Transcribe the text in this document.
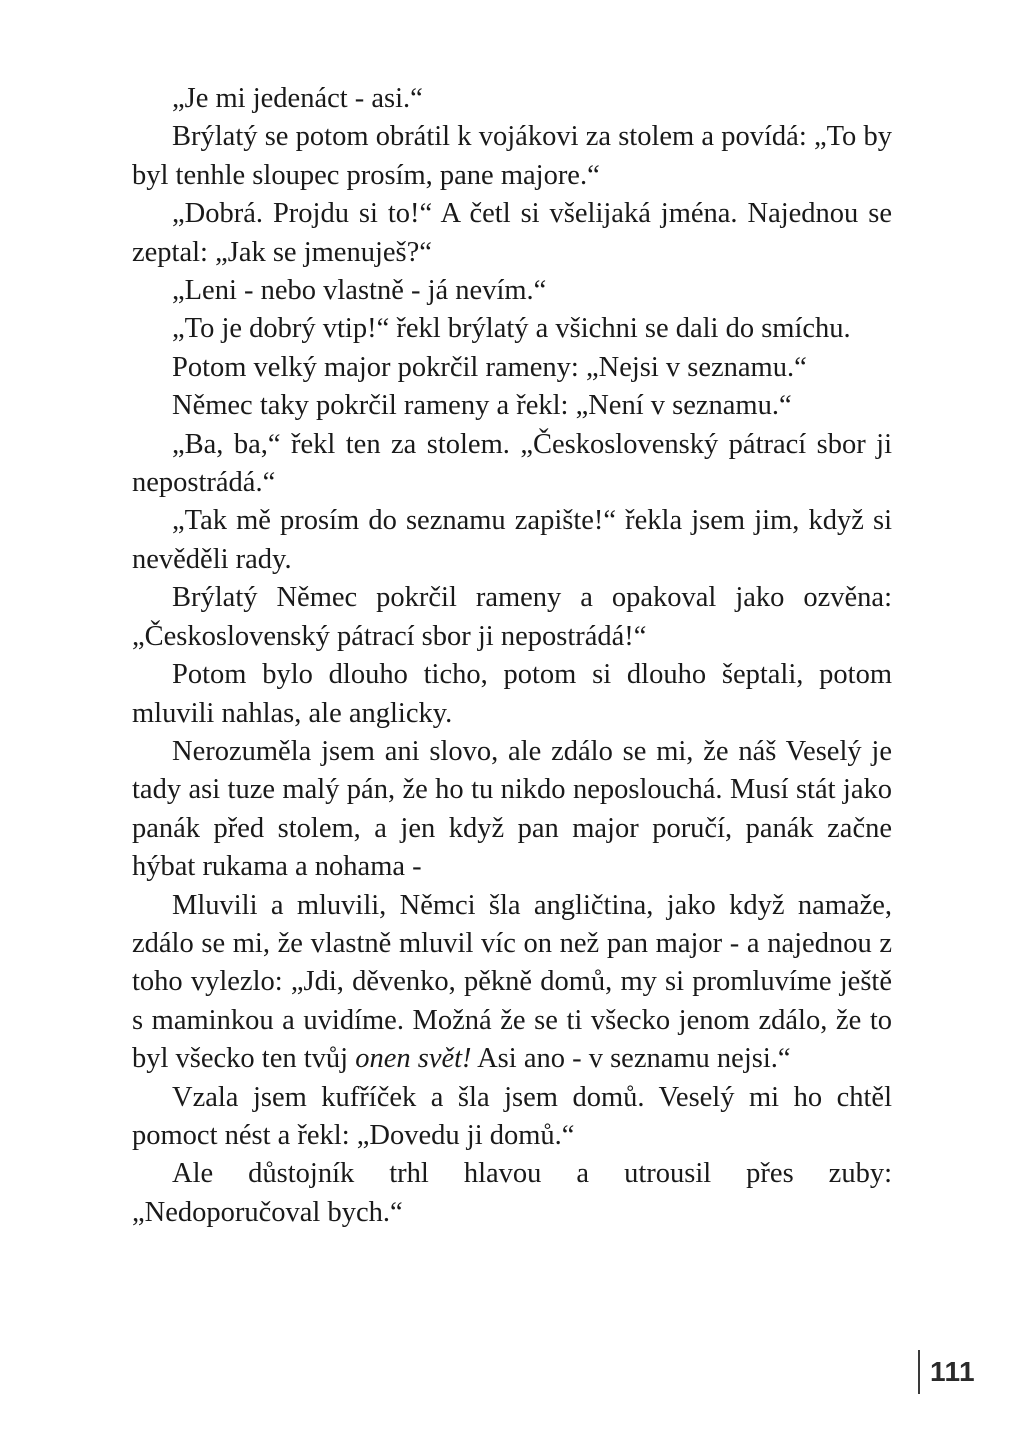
„Je mi jedenáct - asi.“

Brýlatý se potom obrátil k vojákovi za stolem a povídá: „To by byl tenhle sloupec prosím, pane majore.“

„Dobrá. Projdu si to!“ A četl si všelijaká jména. Najednou se zeptal: „Jak se jmenuješ?“

„Leni - nebo vlastně - já nevím.“

„To je dobrý vtip!“ řekl brýlatý a všichni se dali do smíchu.

Potom velký major pokrčil rameny: „Nejsi v seznamu.“

Němec taky pokrčil rameny a řekl: „Není v seznamu.“

„Ba, ba,“ řekl ten za stolem. „Československý pátrací sbor ji nepostrádá.“

„Tak mě prosím do seznamu zapište!“ řekla jsem jim, když si nevěděli rady.

Brýlatý Němec pokrčil rameny a opakoval jako ozvěna: „Československý pátrací sbor ji nepostrádá!“

Potom bylo dlouho ticho, potom si dlouho šeptali, potom mluvili nahlas, ale anglicky.

Nerozuměla jsem ani slovo, ale zdálo se mi, že náš Veselý je tady asi tuze malý pán, že ho tu nikdo neposlouchá. Musí stát jako panák před stolem, a jen když pan major poručí, panák začne hýbat rukama a nohama -

Mluvili a mluvili, Němci šla angličtina, jako když namaže, zdálo se mi, že vlastně mluvil víc on než pan major - a najednou z toho vylezlo: „Jdi, děvenko, pěkně domů, my si promluvíme ještě s maminkou a uvidíme. Možná že se ti všecko jenom zdálo, že to byl všecko ten tvůj onen svět! Asi ano - v seznamu nejsi.“

Vzala jsem kufříček a šla jsem domů. Veselý mi ho chtěl pomoct nést a řekl: „Dovedu ji domů.“

Ale důstojník trhl hlavou a utrousil přes zuby: „Nedoporučoval bych.“

111
